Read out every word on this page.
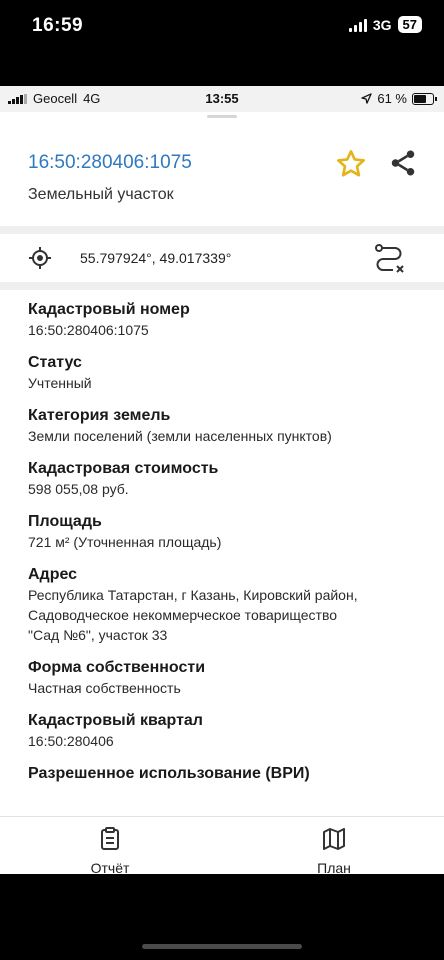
16:59	3G 57
Geocell 4G	13:55	61 %
16:50:280406:1075
Земельный участок
55.797924°, 49.017339°
Кадастровый номер
16:50:280406:1075
Статус
Учтенный
Категория земель
Земли поселений (земли населенных пунктов)
Кадастровая стоимость
598 055,08 руб.
Площадь
721 м² (Уточненная площадь)
Адрес
Республика Татарстан, г Казань, Кировский район,
Садоводческое некоммерческое товарищество
"Сад №6", участок 33
Форма собственности
Частная собственность
Кадастровый квартал
16:50:280406
Разрешенное использование (ВРИ)
Отчёт	План
